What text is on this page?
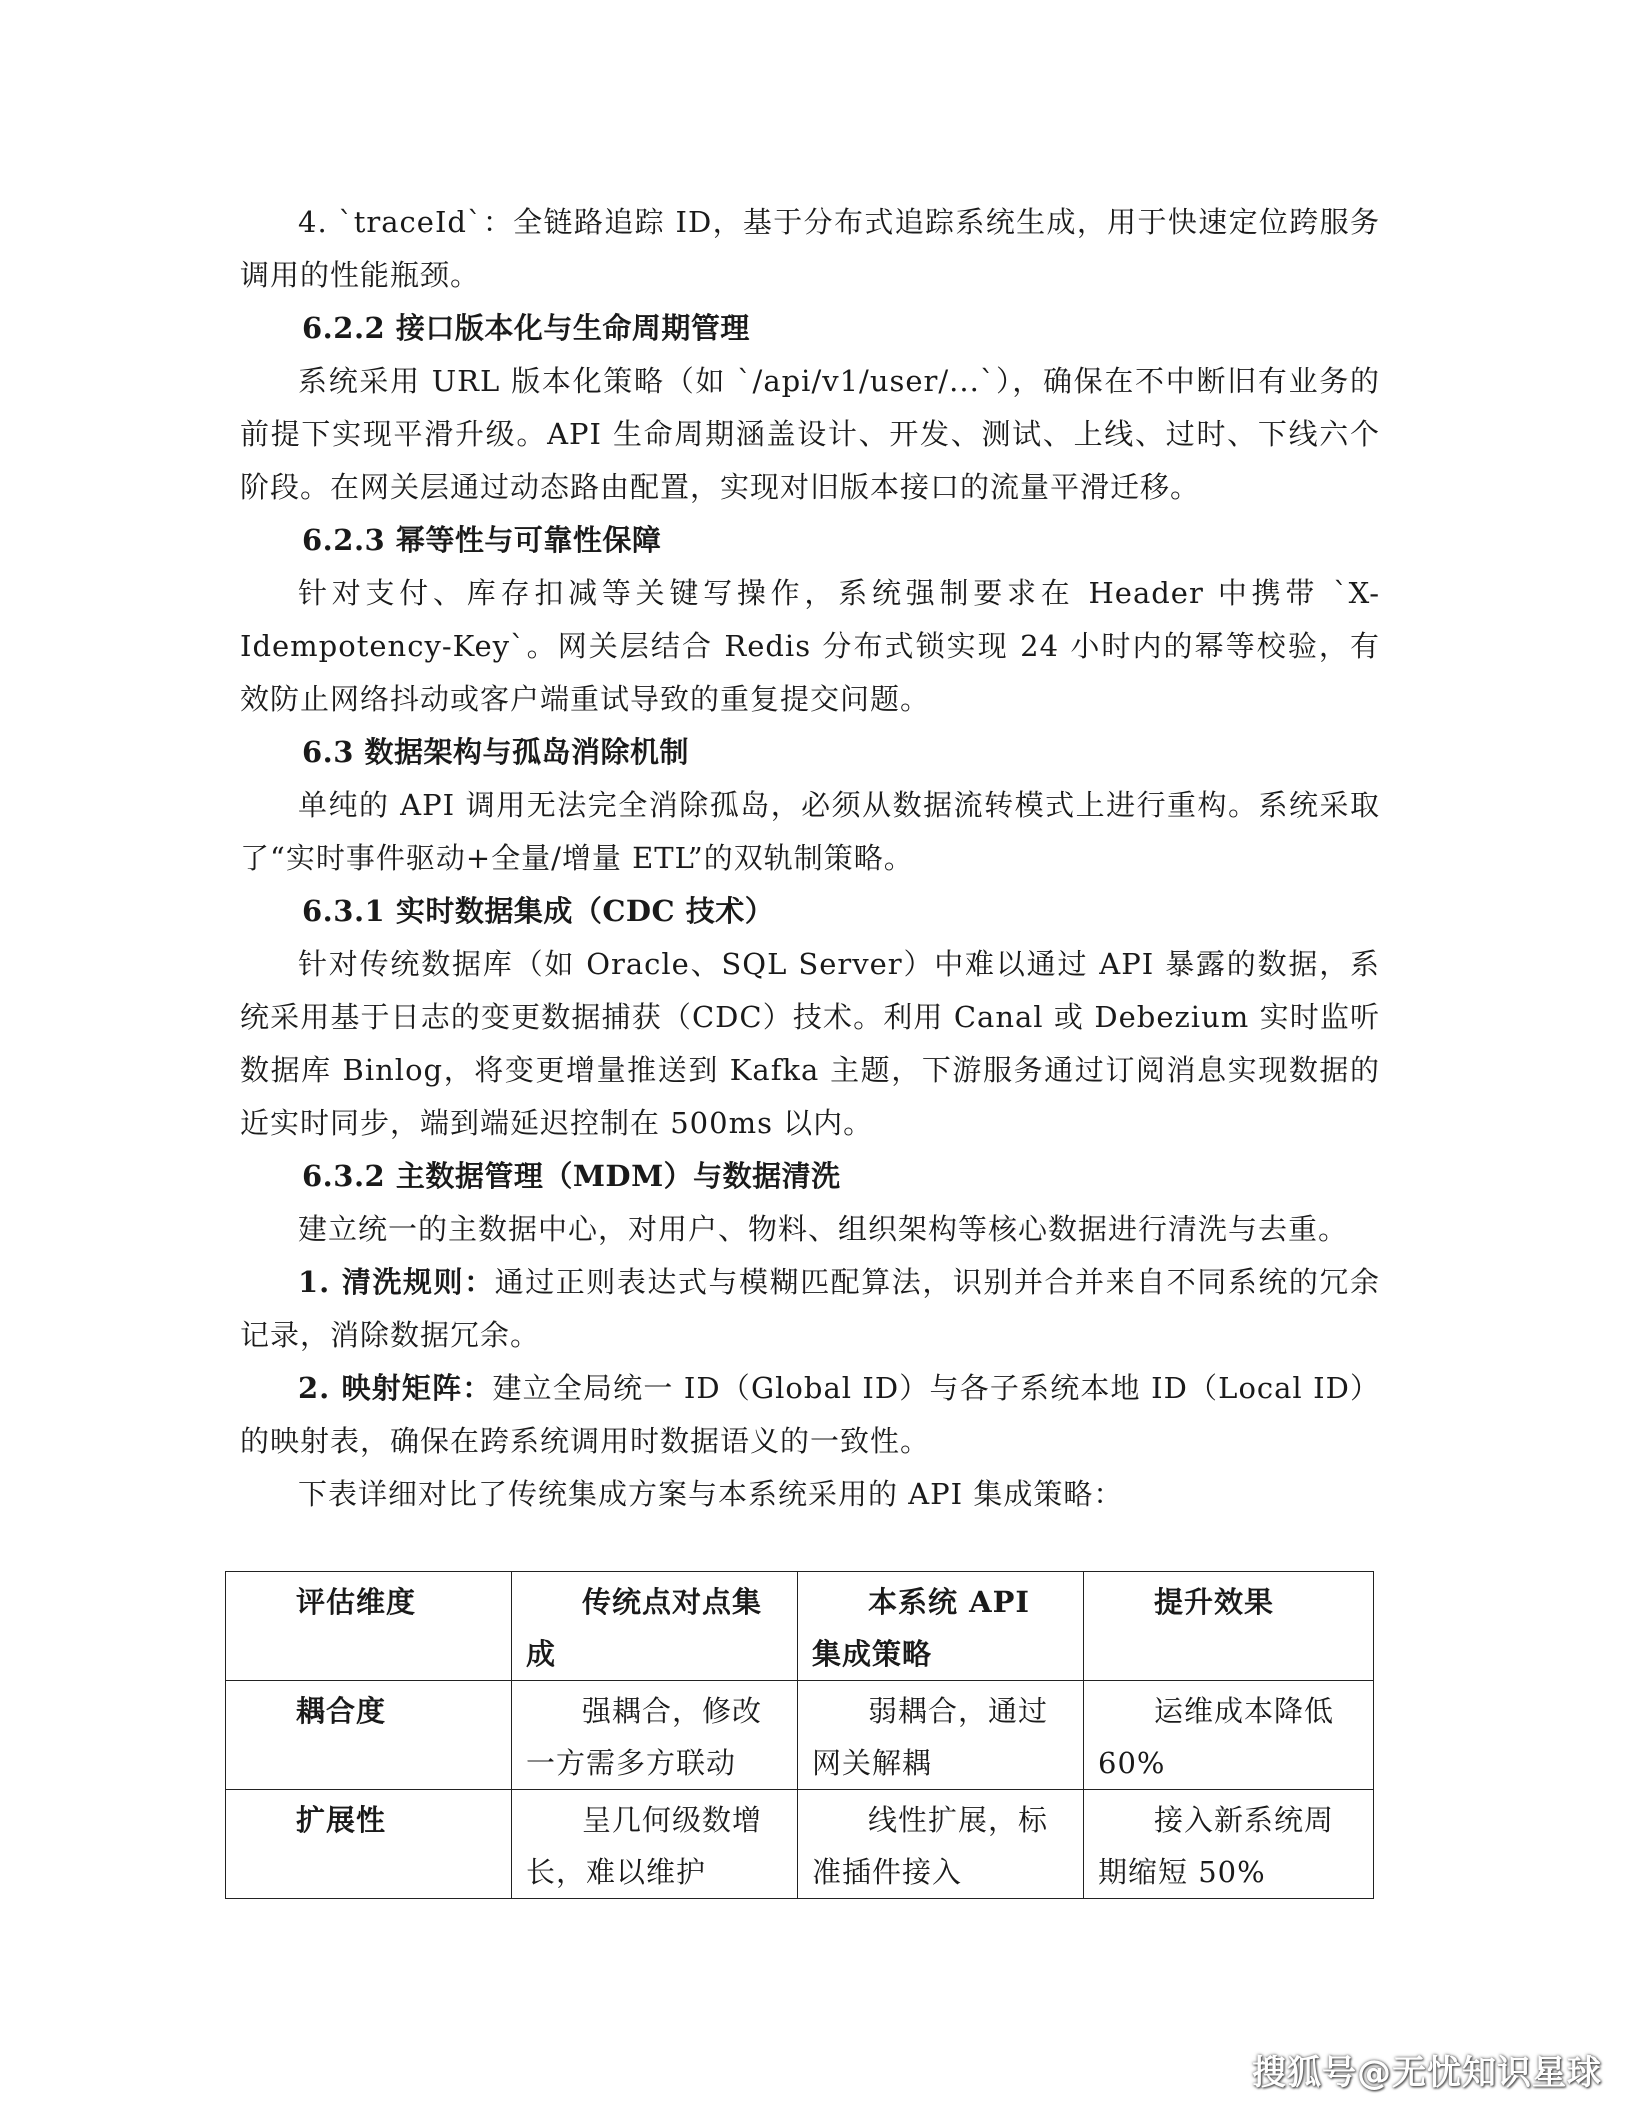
4. `traceId`：全链路追踪 ID，基于分布式追踪系统生成，用于快速定位跨服务调用的性能瓶颈。

6.2.2 接口版本化与生命周期管理

系统采用 URL 版本化策略（如 `/api/v1/user/...`），确保在不中断旧有业务的前提下实现平滑升级。API 生命周期涵盖设计、开发、测试、上线、过时、下线六个阶段。在网关层通过动态路由配置，实现对旧版本接口的流量平滑迁移。

6.2.3 幂等性与可靠性保障

针对支付、库存扣减等关键写操作，系统强制要求在 Header 中携带 `X-Idempotency-Key`。网关层结合 Redis 分布式锁实现 24 小时内的幂等校验，有效防止网络抖动或客户端重试导致的重复提交问题。

6.3 数据架构与孤岛消除机制

单纯的 API 调用无法完全消除孤岛，必须从数据流转模式上进行重构。系统采取了“实时事件驱动+全量/增量 ETL”的双轨制策略。

6.3.1 实时数据集成（CDC 技术）

针对传统数据库（如 Oracle、SQL Server）中难以通过 API 暴露的数据，系统采用基于日志的变更数据捕获（CDC）技术。利用 Canal 或 Debezium 实时监听数据库 Binlog，将变更增量推送到 Kafka 主题，下游服务通过订阅消息实现数据的近实时同步，端到端延迟控制在 500ms 以内。

6.3.2 主数据管理（MDM）与数据清洗

建立统一的主数据中心，对用户、物料、组织架构等核心数据进行清洗与去重。

1. 清洗规则：通过正则表达式与模糊匹配算法，识别并合并来自不同系统的冗余记录，消除数据冗余。

2. 映射矩阵：建立全局统一 ID（Global ID）与各子系统本地 ID（Local ID）的映射表，确保在跨系统调用时数据语义的一致性。

下表详细对比了传统集成方案与本系统采用的 API 集成策略：

评估维度	传统点对点集成	本系统 API 集成策略	提升效果
耦合度	强耦合，修改一方需多方联动	弱耦合，通过网关解耦	运维成本降低 60%
扩展性	呈几何级数增长，难以维护	线性扩展，标准插件接入	接入新系统周期缩短 50%
搜狐号@无忧知识星球
